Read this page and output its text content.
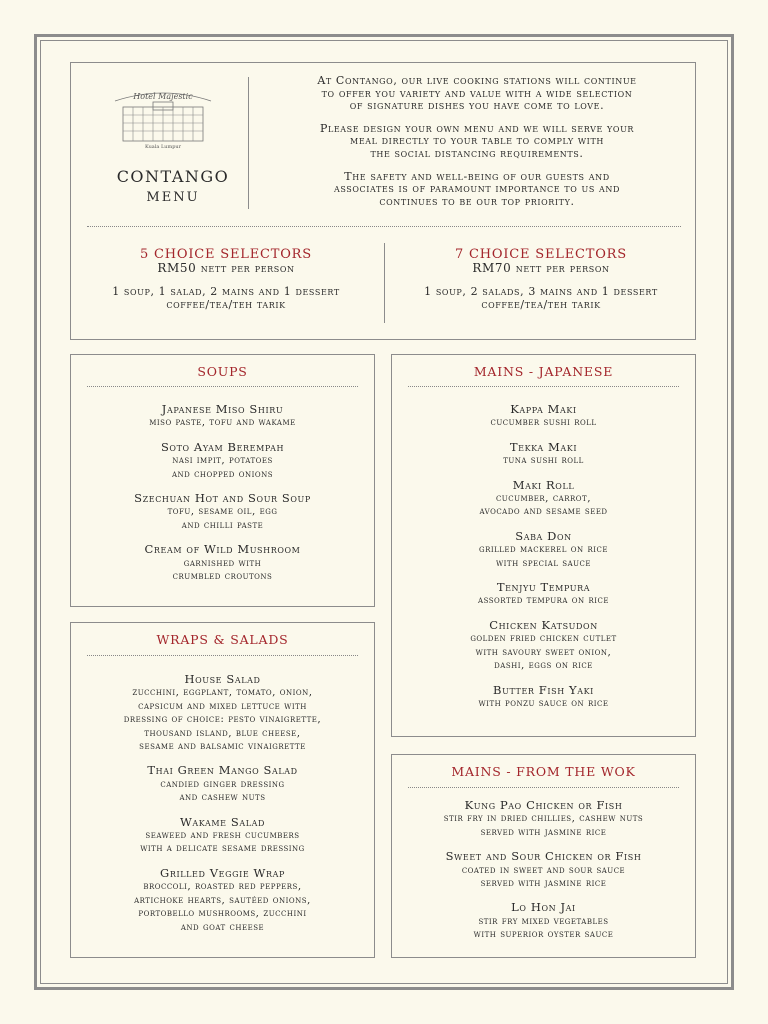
Hotel Majestic
Kuala Lumpur
CONTANGO
MENU

At Contango, our live cooking stations will continue
to offer you variety and value with a wide selection
of signature dishes you have come to love.

Please design your own menu and we will serve your
meal directly to your table to comply with
the social distancing requirements.

The safety and well-being of our guests and
associates is of paramount importance to us and
continues to be our top priority.

5 CHOICE SELECTORS
RM50 nett per person
1 soup, 1 salad, 2 mains and 1 dessert
coffee/tea/teh tarik
7 CHOICE SELECTORS
RM70 nett per person
1 soup, 2 salads, 3 mains and 1 dessert
coffee/tea/teh tarik
SOUPS
Japanese Miso Shiru
miso paste, tofu and wakame
Soto Ayam Berempah
nasi impit, potatoes
and chopped onions
Szechuan Hot and Sour Soup
tofu, sesame oil, egg
and chilli paste
Cream of Wild Mushroom
garnished with
crumbled croutons
WRAPS & SALADS
House Salad
zucchini, eggplant, tomato, onion,
capsicum and mixed lettuce with
dressing of choice: pesto vinaigrette,
thousand island, blue cheese,
sesame and balsamic vinaigrette
Thai Green Mango Salad
candied ginger dressing
and cashew nuts
Wakame Salad
seaweed and fresh cucumbers
with a delicate sesame dressing
Grilled Veggie Wrap
broccoli, roasted red peppers,
artichoke hearts, sautéed onions,
portobello mushrooms, zucchini
and goat cheese
MAINS - JAPANESE
Kappa Maki
cucumber sushi roll
Tekka Maki
tuna sushi roll
Maki Roll
cucumber, carrot,
avocado and sesame seed
Saba Don
grilled mackerel on rice
with special sauce
Tenjyu Tempura
assorted tempura on rice
Chicken Katsudon
golden fried chicken cutlet
with savoury sweet onion,
dashi, eggs on rice
Butter Fish Yaki
with ponzu sauce on rice
MAINS - FROM THE WOK
Kung Pao Chicken or Fish
stir fry in dried chillies, cashew nuts
served with jasmine rice
Sweet and Sour Chicken or Fish
coated in sweet and sour sauce
served with jasmine rice
Lo Hon Jai
stir fry mixed vegetables
with superior oyster sauce
